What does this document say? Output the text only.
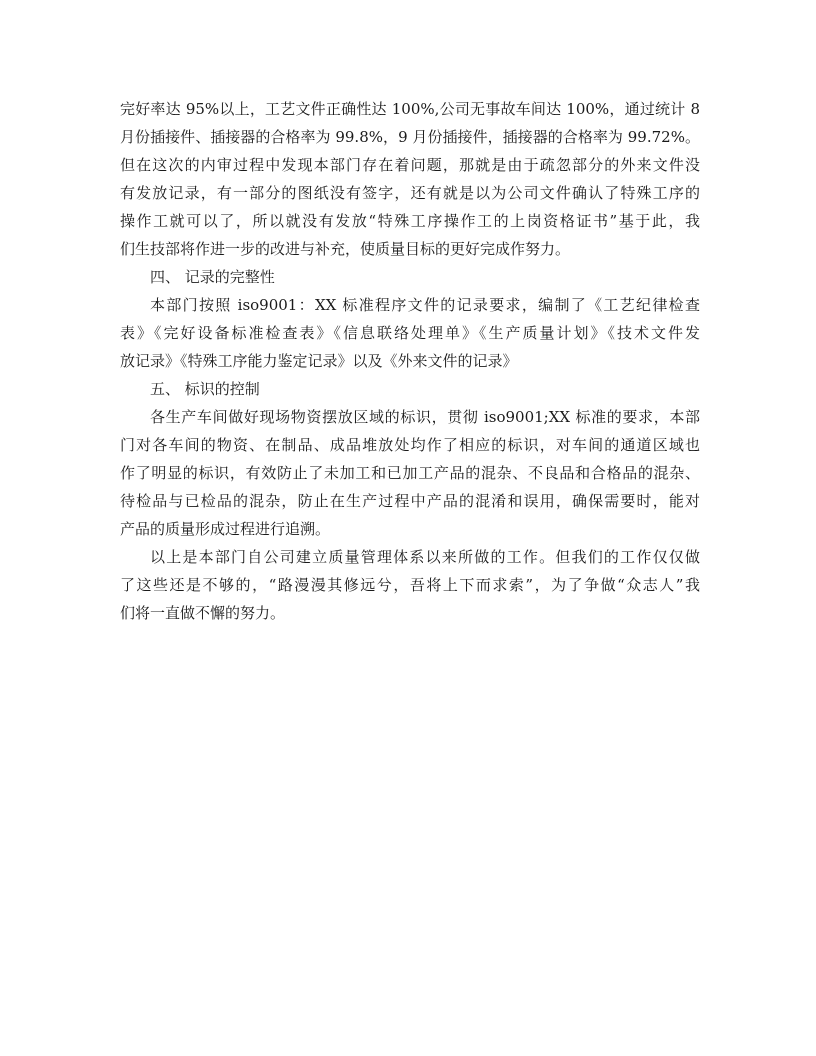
完好率达 95%以上，工艺文件正确性达 100%,公司无事故车间达 100%，通过统计 8
月份插接件、插接器的合格率为 99.8%，9 月份插接件，插接器的合格率为 99.72%。
但在这次的内审过程中发现本部门存在着问题，那就是由于疏忽部分的外来文件没
有发放记录，有一部分的图纸没有签字，还有就是以为公司文件确认了特殊工序的
操作工就可以了，所以就没有发放“特殊工序操作工的上岗资格证书”基于此，我
们生技部将作进一步的改进与补充，使质量目标的更好完成作努力。
四、 记录的完整性
本部门按照 iso9001：XX 标准程序文件的记录要求，编制了《工艺纪律检查
表》《完好设备标准检查表》《信息联络处理单》《生产质量计划》《技术文件发
放记录》《特殊工序能力鉴定记录》以及《外来文件的记录》
五、 标识的控制
各生产车间做好现场物资摆放区域的标识，贯彻 iso9001;XX 标准的要求，本部
门对各车间的物资、在制品、成品堆放处均作了相应的标识，对车间的通道区域也
作了明显的标识，有效防止了未加工和已加工产品的混杂、不良品和合格品的混杂、
待检品与已检品的混杂，防止在生产过程中产品的混淆和误用，确保需要时，能对
产品的质量形成过程进行追溯。
以上是本部门自公司建立质量管理体系以来所做的工作。但我们的工作仅仅做
了这些还是不够的，“路漫漫其修远兮，吾将上下而求索”，为了争做“众志人”我
们将一直做不懈的努力。
